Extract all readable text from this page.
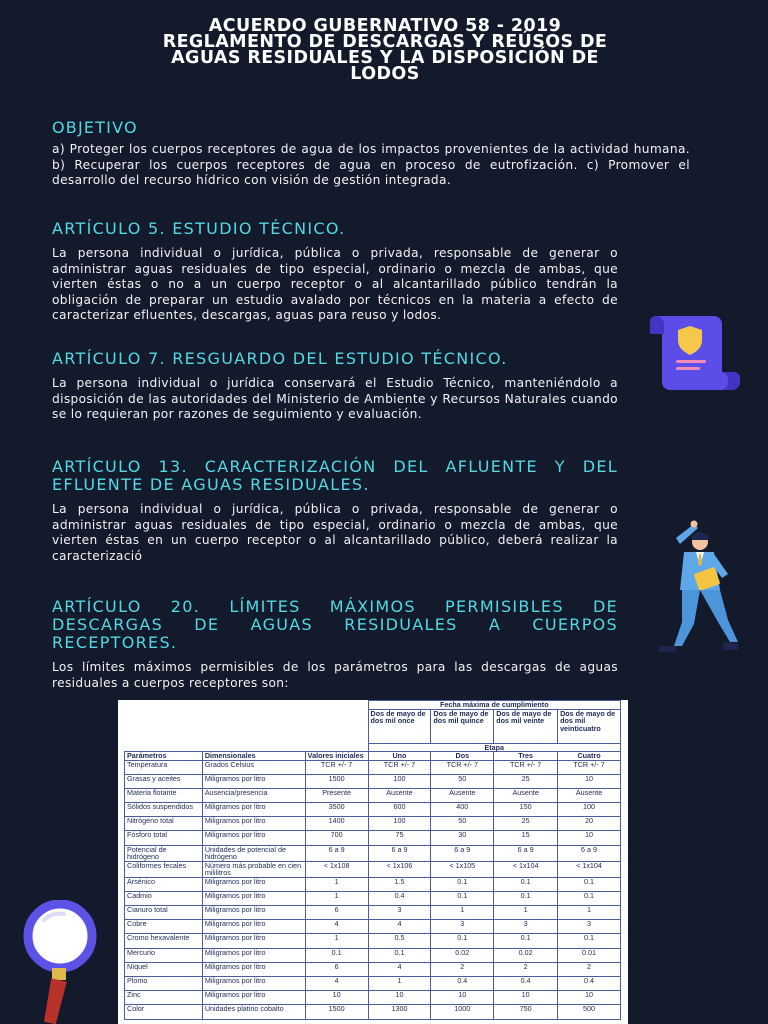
ACUERDO GUBERNATIVO 58 - 2019
REGLAMENTO DE DESCARGAS Y REÚSOS DE
AGUAS RESIDUALES Y LA DISPOSICIÓN DE
LODOS
OBJETIVO
a) Proteger los cuerpos receptores de agua de los impactos provenientes de la actividad humana. b) Recuperar los cuerpos receptores de agua en proceso de eutrofización. c) Promover el desarrollo del recurso hídrico con visión de gestión integrada.
ARTÍCULO 5. ESTUDIO TÉCNICO.
La persona individual o jurídica, pública o privada, responsable de generar o administrar aguas residuales de tipo especial, ordinario o mezcla de ambas, que vierten éstas o no a un cuerpo receptor o al alcantarillado público tendrán la obligación de preparar un estudio avalado por técnicos en la materia a efecto de caracterizar efluentes, descargas, aguas para reuso y lodos.
ARTÍCULO 7. RESGUARDO DEL ESTUDIO TÉCNICO.
La persona individual o jurídica conservará el Estudio Técnico, manteniéndolo a disposición de las autoridades del Ministerio de Ambiente y Recursos Naturales cuando se lo requieran por razones de seguimiento y evaluación.
ARTÍCULO 13. CARACTERIZACIÓN DEL AFLUENTE Y DEL EFLUENTE DE AGUAS RESIDUALES.
La persona individual o jurídica, pública o privada, responsable de generar o administrar aguas residuales de tipo especial, ordinario o mezcla de ambas, que vierten éstas en un cuerpo receptor o al alcantarillado público, deberá realizar la caracterizació
ARTÍCULO 20. LÍMITES MÁXIMOS PERMISIBLES DE DESCARGAS DE AGUAS RESIDUALES A CUERPOS RECEPTORES.
Los límites máximos permisibles de los parámetros para las descargas de aguas residuales a cuerpos receptores son:
			Fecha máxima de cumplimiento			
			Dos de mayo de dos mil once	Dos de mayo de dos mil quince	Dos de mayo de dos mil veinte	Dos de mayo de dos mil veinticuatro
			Etapa			
Parámetros	Dimensionales	Valores iniciales	Uno	Dos	Tres	Cuatro
Temperatura	Grados Celsius	TCR +/- 7	TCR +/- 7	TCR +/- 7	TCR +/- 7	TCR +/- 7
Grasas y aceites	Miligramos por litro	1500	100	50	25	10
Materia flotante	Ausencia/presencia	Presente	Ausente	Ausente	Ausente	Ausente
Sólidos suspendidos	Miligramos por litro	3500	600	400	150	100
Nitrógeno total	Miligramos por litro	1400	100	50	25	20
Fósforo total	Miligramos por litro	700	75	30	15	10
Potencial de hidrógeno	Unidades de potencial de hidrógeno	6 a 9	6 a 9	6 a 9	6 a 9	6 a 9
Coliformes fecales	Número más probable en cien mililitros	< 1x108	< 1x106	< 1x105	< 1x104	< 1x104
Arsénico	Miligramos por litro	1	1.5	0.1	0.1	0.1
Cadmio	Miligramos por litro	1	0.4	0.1	0.1	0.1
Cianuro total	Miligramos por litro	6	3	1	1	1
Cobre	Miligramos por litro	4	4	3	3	3
Cromo hexavalente	Miligramos por litro	1	0.5	0.1	0.1	0.1
Mercurio	Miligramos por litro	0.1	0.1	0.02	0.02	0.01
Níquel	Miligramos por litro	6	4	2	2	2
Plomo	Miligramos por litro	4	1	0.4	0.4	0.4
Zinc	Miligramos por litro	10	10	10	10	10
Color	Unidades platino cobalto	1500	1300	1000	750	500
